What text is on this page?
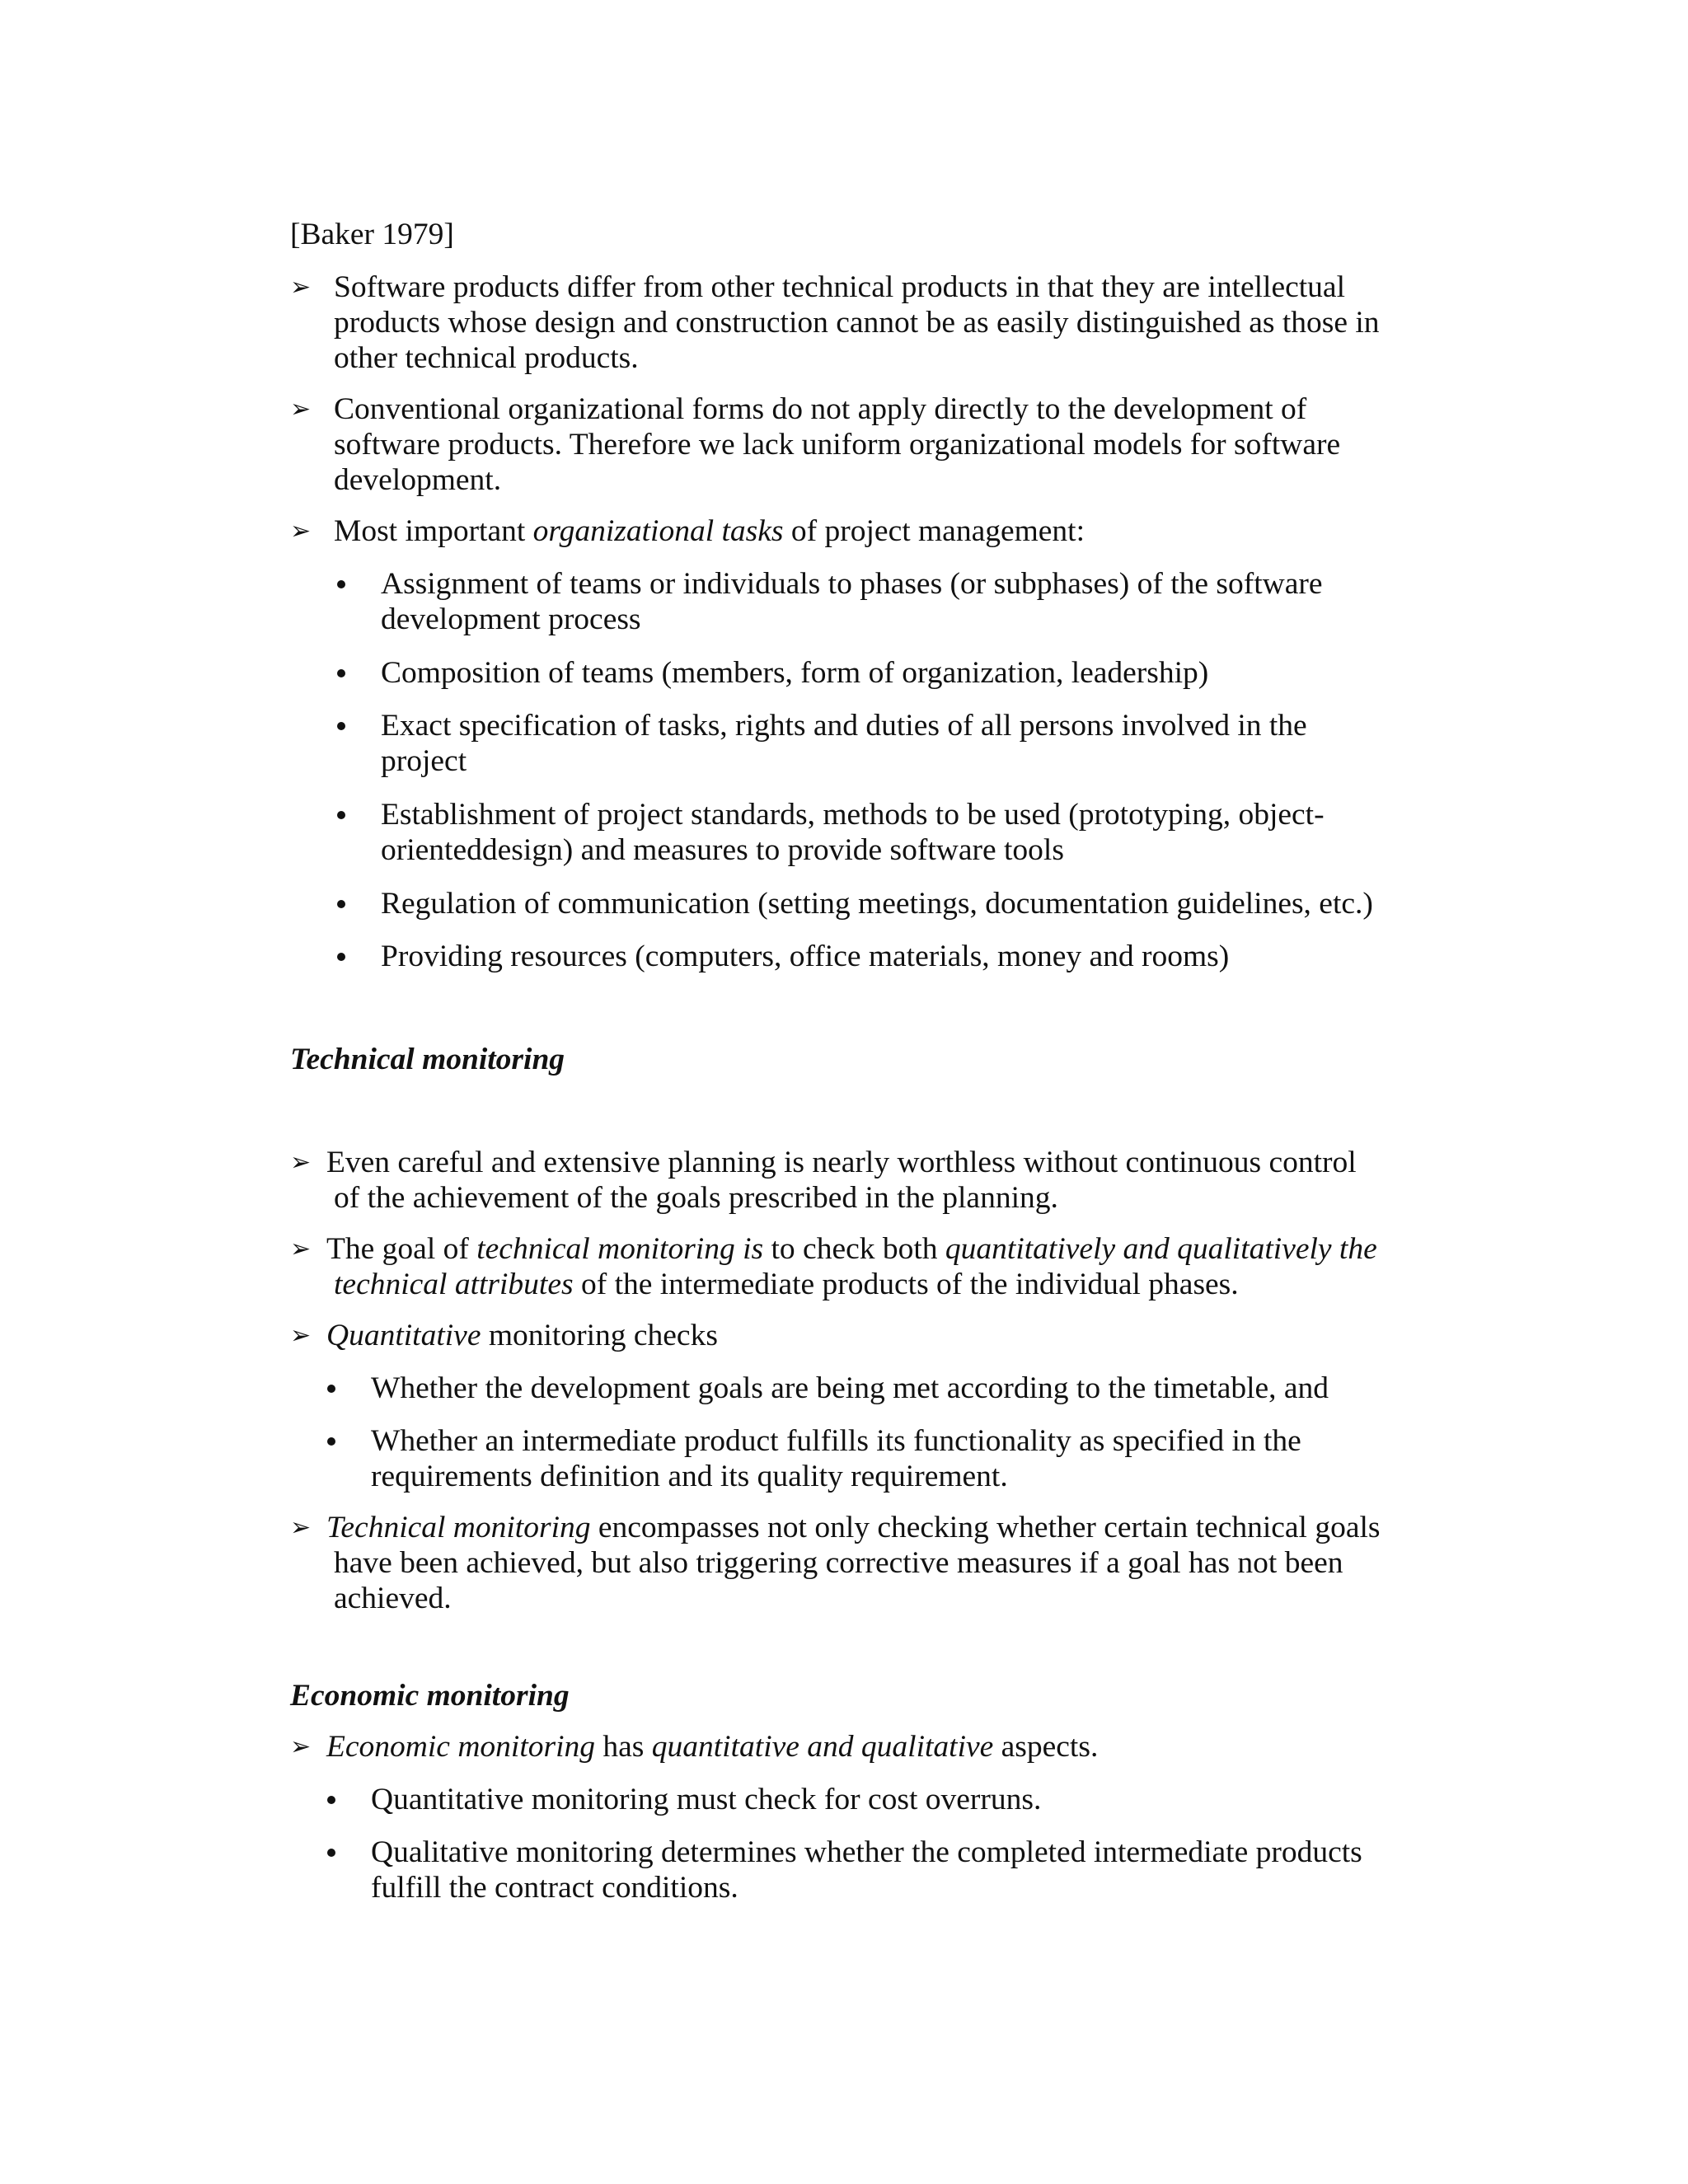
[Baker 1979]
➢ Software products differ from other technical products in that they are intellectual
products whose design and construction cannot be as easily distinguished as those in
other technical products.
➢ Conventional organizational forms do not apply directly to the development of
software products. Therefore we lack uniform organizational models for software
development.
➢ Most important organizational tasks of project management:
Assignment of teams or individuals to phases (or subphases) of the software
development process
Composition of teams (members, form of organization, leadership)
Exact specification of tasks, rights and duties of all persons involved in the
project
Establishment of project standards, methods to be used (prototyping, object-
orienteddesign) and measures to provide software tools
Regulation of communication (setting meetings, documentation guidelines, etc.)
Providing resources (computers, office materials, money and rooms)
Technical monitoring
➢ Even careful and extensive planning is nearly worthless without continuous control
of the achievement of the goals prescribed in the planning.
➢ The goal of technical monitoring is to check both quantitatively and qualitatively the
technical attributes of the intermediate products of the individual phases.
➢ Quantitative monitoring checks
Whether the development goals are being met according to the timetable, and
Whether an intermediate product fulfills its functionality as specified in the
requirements definition and its quality requirement.
➢ Technical monitoring encompasses not only checking whether certain technical goals
have been achieved, but also triggering corrective measures if a goal has not been
achieved.
Economic monitoring
➢ Economic monitoring has quantitative and qualitative aspects.
Quantitative monitoring must check for cost overruns.
Qualitative monitoring determines whether the completed intermediate products
fulfill the contract conditions.
